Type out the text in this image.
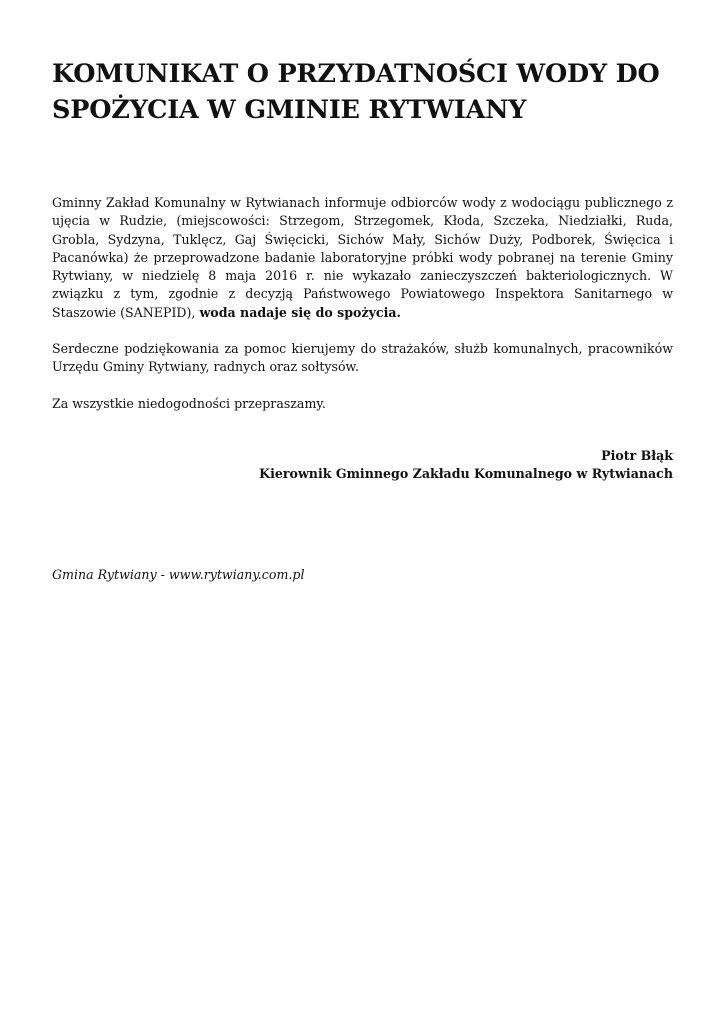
KOMUNIKAT O PRZYDATNOŚCI WODY DO SPOŻYCIA W GMINIE RYTWIANY

Gminny Zakład Komunalny w Rytwianach informuje odbiorców wody z wodociągu publicznego z ujęcia w Rudzie, (miejscowości: Strzegom, Strzegomek, Kłoda, Szczeka, Niedziałki, Ruda, Grobla, Sydzyna, Tuklęcz, Gaj Święcicki, Sichów Mały, Sichów Duży, Podborek, Święcica i Pacanówka) że przeprowadzone badanie laboratoryjne próbki wody pobranej na terenie Gminy Rytwiany, w niedzielę 8 maja 2016 r. nie wykazało zanieczyszczeń bakteriologicznych. W związku z tym, zgodnie z decyzją Państwowego Powiatowego Inspektora Sanitarnego w Staszowie (SANEPID), woda nadaje się do spożycia.

Serdeczne podziękowania za pomoc kierujemy do strażaków, służb komunalnych, pracowników Urzędu Gminy Rytwiany, radnych oraz sołtysów.

Za wszystkie niedogodności przepraszamy.

Piotr Błąk
Kierownik Gminnego Zakładu Komunalnego w Rytwianach
Gmina Rytwiany - www.rytwiany.com.pl
